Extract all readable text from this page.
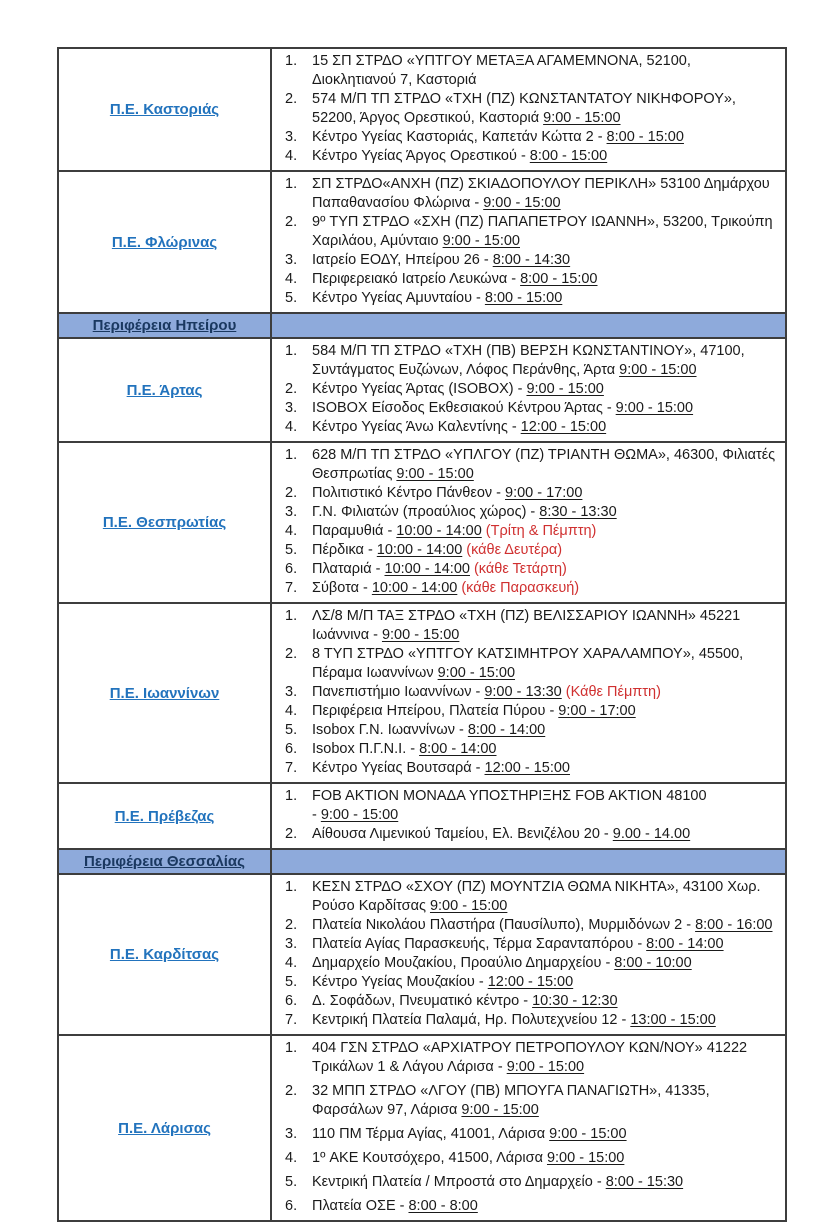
Π.Ε. Καστοριάς
1.	15 ΣΠ ΣΤΡΔΟ «ΥΠΤΓΟΥ ΜΕΤΑΞΑ ΑΓΑΜΕΜΝΟΝΑ, 52100, Διοκλητιανού 7, Καστοριά
2.	574 Μ/Π ΤΠ ΣΤΡΔΟ «ΤΧΗ (ΠΖ) ΚΩΝΣΤΑΝΤΑΤΟΥ ΝΙΚΗΦΟΡΟΥ», 52200, Άργος Ορεστικού, Καστοριά 9:00 - 15:00
3.	Κέντρο Υγείας Καστοριάς, Καπετάν Κώττα 2 - 8:00 - 15:00
4.	Κέντρο Υγείας Άργος Ορεστικού - 8:00 - 15:00
Π.Ε. Φλώρινας
1.	ΣΠ ΣΤΡΔΟ«ΑΝΧΗ (ΠΖ) ΣΚΙΑΔΟΠΟΥΛΟΥ ΠΕΡΙΚΛΗ» 53100 Δημάρχου Παπαθανασίου Φλώρινα - 9:00 - 15:00
2.	9º ΤΥΠ ΣΤΡΔΟ «ΣΧΗ (ΠΖ) ΠΑΠΑΠΕΤΡΟΥ ΙΩΑΝΝΗ», 53200, Τρικούπη Χαριλάου, Αμύνταιο 9:00 - 15:00
3.	Ιατρείο ΕΟΔΥ, Ηπείρου 26 - 8:00 - 14:30
4.	Περιφερειακό Ιατρείο Λευκώνα - 8:00 - 15:00
5.	Κέντρο Υγείας Αμυνταίου - 8:00 - 15:00
Περιφέρεια Ηπείρου
Π.Ε. Άρτας
1.	584 Μ/Π ΤΠ ΣΤΡΔΟ «ΤΧΗ (ΠΒ) ΒΕΡΣΗ ΚΩΝΣΤΑΝΤΙΝΟΥ», 47100, Συντάγματος Ευζώνων, Λόφος Περάνθης, Άρτα 9:00 - 15:00
2.	Κέντρο Υγείας Άρτας (ISOBOX) - 9:00 - 15:00
3.	ISOBOX Είσοδος Εκθεσιακού Κέντρου Άρτας - 9:00 - 15:00
4.	Κέντρο Υγείας Άνω Καλεντίνης - 12:00 - 15:00
Π.Ε. Θεσπρωτίας
1.	628 Μ/Π ΤΠ ΣΤΡΔΟ «ΥΠΛΓΟΥ (ΠΖ) ΤΡΙΑΝΤΗ ΘΩΜΑ», 46300, Φιλιατές Θεσπρωτίας 9:00 - 15:00
2.	Πολιτιστικό Κέντρο Πάνθεον - 9:00 - 17:00
3.	Γ.Ν. Φιλιατών (προαύλιος χώρος) - 8:30 - 13:30
4.	Παραμυθιά - 10:00 - 14:00 (Τρίτη & Πέμπτη)
5.	Πέρδικα - 10:00 - 14:00 (κάθε Δευτέρα)
6.	Πλαταριά - 10:00 - 14:00 (κάθε Τετάρτη)
7.	Σύβοτα - 10:00 - 14:00 (κάθε Παρασκευή)
Π.Ε. Ιωαννίνων
1.	ΛΣ/8 Μ/Π ΤΑΞ ΣΤΡΔΟ «ΤΧΗ (ΠΖ) ΒΕΛΙΣΣΑΡΙΟΥ ΙΩΑΝΝΗ» 45221 Ιωάννινα - 9:00 - 15:00
2.	8 ΤΥΠ ΣΤΡΔΟ «ΥΠΤΓΟΥ ΚΑΤΣΙΜΗΤΡΟΥ ΧΑΡΑΛΑΜΠΟΥ», 45500, Πέραμα Ιωαννίνων 9:00 - 15:00
3.	Πανεπιστήμιο Ιωαννίνων - 9:00 - 13:30 (Κάθε Πέμπτη)
4.	Περιφέρεια Ηπείρου, Πλατεία Πύρου - 9:00 - 17:00
5.	Isobox Γ.Ν. Ιωαννίνων - 8:00 - 14:00
6.	Isobox Π.Γ.Ν.Ι. - 8:00 - 14:00
7.	Κέντρο Υγείας Βουτσαρά - 12:00 - 15:00
Π.Ε. Πρέβεζας
1.	FOB AKTION ΜΟΝΑΔΑ ΥΠΟΣΤΗΡΙΞΗΣ FOB AKTION 48100 - 9:00 - 15:00
2.	Αίθουσα Λιμενικού Ταμείου, Ελ. Βενιζέλου 20 - 9.00 - 14.00
Περιφέρεια Θεσσαλίας
Π.Ε. Καρδίτσας
1.	ΚΕΣΝ ΣΤΡΔΟ «ΣΧΟΥ (ΠΖ) ΜΟΥΝΤΖΙΑ ΘΩΜΑ ΝΙΚΗΤΑ», 43100 Χωρ. Ρούσο Καρδίτσας 9:00 - 15:00
2.	Πλατεία Νικολάου Πλαστήρα (Παυσίλυπο), Μυρμιδόνων 2 - 8:00 - 16:00
3.	Πλατεία Αγίας Παρασκευής, Τέρμα Σαρανταπόρου - 8:00 - 14:00
4.	Δημαρχείο Μουζακίου, Προαύλιο Δημαρχείου - 8:00 - 10:00
5.	Κέντρο Υγείας Μουζακίου - 12:00 - 15:00
6.	Δ. Σοφάδων, Πνευματικό κέντρο - 10:30 - 12:30
7.	Κεντρική Πλατεία Παλαμά, Ηρ. Πολυτεχνείου 12 - 13:00 - 15:00
Π.Ε. Λάρισας
1.	404 ΓΣΝ ΣΤΡΔΟ «ΑΡΧΙΑΤΡΟΥ ΠΕΤΡΟΠΟΥΛΟΥ ΚΩΝ/ΝΟΥ» 41222 Τρικάλων 1 & Λάγου Λάρισα - 9:00 - 15:00
2.	32 ΜΠΠ ΣΤΡΔΟ «ΛΓΟΥ (ΠΒ) ΜΠΟΥΓΑ ΠΑΝΑΓΙΩΤΗ», 41335, Φαρσάλων 97, Λάρισα 9:00 - 15:00
3.	110 ΠΜ Τέρμα Αγίας, 41001, Λάρισα 9:00 - 15:00
4.	1º ΑΚΕ Κουτσόχερο, 41500, Λάρισα 9:00 - 15:00
5.	Κεντρική Πλατεία / Μπροστά στο Δημαρχείο - 8:00 - 15:30
6.	Πλατεία ΟΣΕ - 8:00 - 8:00
